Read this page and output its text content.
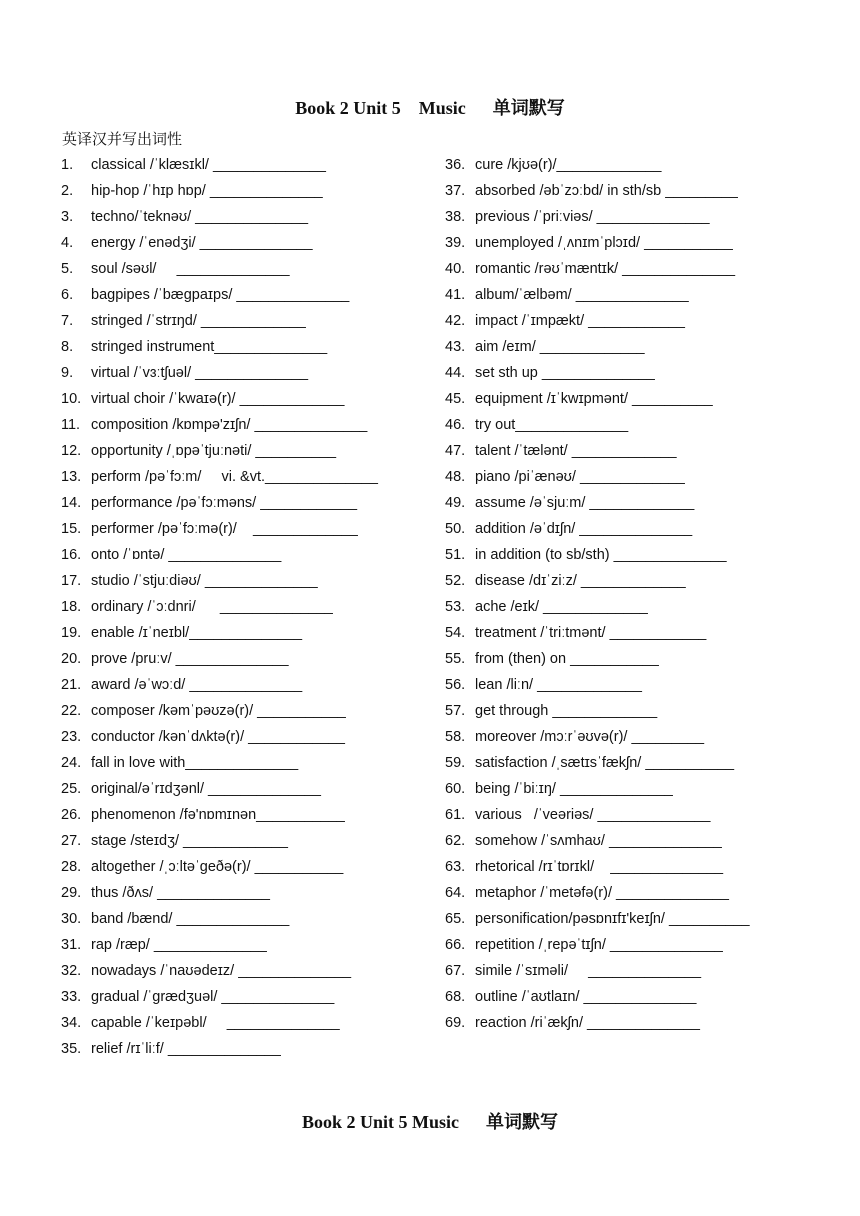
Book 2 Unit 5    Music      单词默写
英译汉并写出词性
1.	classical /ˈklæsɪkl/ ______________
2.	hip-hop /ˈhɪp hɒp/ ______________
3.	techno/ˈteknəʊ/ ______________
4.	energy /ˈenədʒi/ ______________
5.	soul /səʊl/     ______________
6.	bagpipes /ˈbæɡpaɪps/ ______________
7.	stringed /ˈstrɪŋd/ _____________
8.	stringed instrument______________
9.	virtual /ˈvɜːtʃuəl/ ______________
10. virtual choir /ˈkwaɪə(r)/ _____________
11. composition /kɒmpə'zɪʃn/ ______________
12. opportunity /ˌɒpəˈtjuːnəti/ __________
13. perform /pəˈfɔːm/     vi. &vt.______________
14. performance /pəˈfɔːməns/ ____________
15. performer /pəˈfɔːmə(r)/    _____________
16. onto /ˈɒntə/ ______________
17. studio /ˈstjuːdiəʊ/ ______________
18. ordinary /ˈɔːdnri/      ______________
19. enable /ɪˈneɪbl/______________
20. prove /pruːv/ ______________
21. award /əˈwɔːd/ ______________
22. composer /kəmˈpəʊzə(r)/ ___________
23. conductor /kənˈdʌktə(r)/ ____________
24. fall in love with______________
25. original/əˈrɪdʒənl/ ______________
26. phenomenon /fə'nɒmɪnən___________
27. stage /steɪdʒ/ _____________
28. altogether /ˌɔːltəˈɡeðə(r)/ ___________
29. thus /ðʌs/ ______________
30. band /bænd/ ______________
31. rap /ræp/ ______________
32. nowadays /ˈnaʊədeɪz/ ______________
33. gradual /ˈɡrædʒuəl/ ______________
34. capable /ˈkeɪpəbl/     ______________
35. relief /rɪˈliːf/ ______________
36. cure /kjʊə(r)/_____________
37. absorbed /əbˈzɔːbd/ in sth/sb _________
38. previous /ˈpriːviəs/ ______________
39. unemployed /ˌʌnɪmˈplɔɪd/ ___________
40. romantic /rəʊˈmæntɪk/ ______________
41. album/ˈælbəm/ ______________
42. impact /ˈɪmpækt/ ____________
43. aim /eɪm/ _____________
44. set sth up ______________
45. equipment /ɪˈkwɪpmənt/ __________
46. try out______________
47. talent /ˈtælənt/ _____________
48. piano /piˈænəʊ/ _____________
49. assume /əˈsjuːm/ _____________
50. addition /əˈdɪʃn/ ______________
51. in addition (to sb/sth) ______________
52. disease /dɪˈziːz/ _____________
53. ache /eɪk/ _____________
54. treatment /ˈtriːtmənt/ ____________
55. from (then) on ___________
56. lean /liːn/ _____________
57. get through _____________
58. moreover /mɔːrˈəʊvə(r)/ _________
59. satisfaction /ˌsætɪsˈfækʃn/ ___________
60. being /ˈbiːɪŋ/ ______________
61. various   /ˈveəriəs/ ______________
62. somehow /ˈsʌmhaʊ/ ______________
63. rhetorical /rɪˈtɒrɪkl/    ______________
64. metaphor /ˈmetəfə(r)/ ______________
65. personification/pəsɒnɪfɪ'keɪʃn/ __________
66. repetition /ˌrepəˈtɪʃn/ ______________
67. simile /ˈsɪməli/     ______________
68. outline /ˈaʊtlaɪn/ ______________
69. reaction /riˈækʃn/ ______________
Book 2 Unit 5 Music      单词默写
